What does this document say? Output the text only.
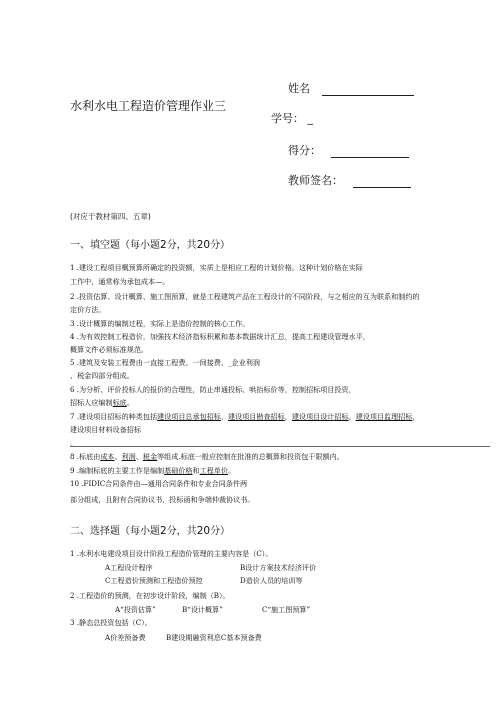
姓名
水利水电工程造价管理作业三
学号： _
得分：
教师签名：
(对应于教材第四、五章)
一、填空题（每小题2分，共20分）
1 .建设工程项目概预算所确定的投资额，实质上是相应工程的计划价格。这种计划价格在实际
工作中，通常称为承包成本—。
2 .投资估算、设计概算、施工图预算，就是工程建筑产品在工程设计的不同阶段，与之相应的互为联系和制约的
定价方法。
3 .设计概算的编制过程，实际上是造价控制的核心工作。
4 .为有效控制工程造价，加强技术经济指标积累和基本数据统计汇总，提高工程建设管理水平，
概算文件必须标准规范。
5 .建筑及安装工程费由一直接工程费、一间接费、_企业利润
、税金四部分组成。
6 .为分析、评价投标人的报价的合理性，防止串通投标、哄抬标价等，控制招标项目投资，
招标人应编制标底。
7 .建设项目招标的种类包括建设项目总承包招标，建设项目勘查招标，建设项目设计招标，建设项目监理招标，
建设项目材料设备招标
。
8 .标底由成本、利润、税金等组成.标底一般应控制在批准的总概算和投资包干限额内。
9 .编制标底的主要工作是编制基础价格和工程单价。
10 .FIDIC合同条件由—通用合同条件和专业合同条件两
部分组成，且附有合同协议书，投标函和争端仲裁协议书。
二、选择题（每小题2分，共20分）
1 .水利水电建设项目设计阶段工程造价管理的主要内容是（C）。
A工程设计程序	B设计方案技术经济评价
C工程造价预测和工程造价预控	D造价人员的培训等
2 .工程造价的预测，在初步设计阶段，编制（B）。
A“投资估算”	B“设计概算”	C“施工图预算”
3 .静态总投资包括（C）。
A价差预备费	B建设期融资利息C基本预备费
